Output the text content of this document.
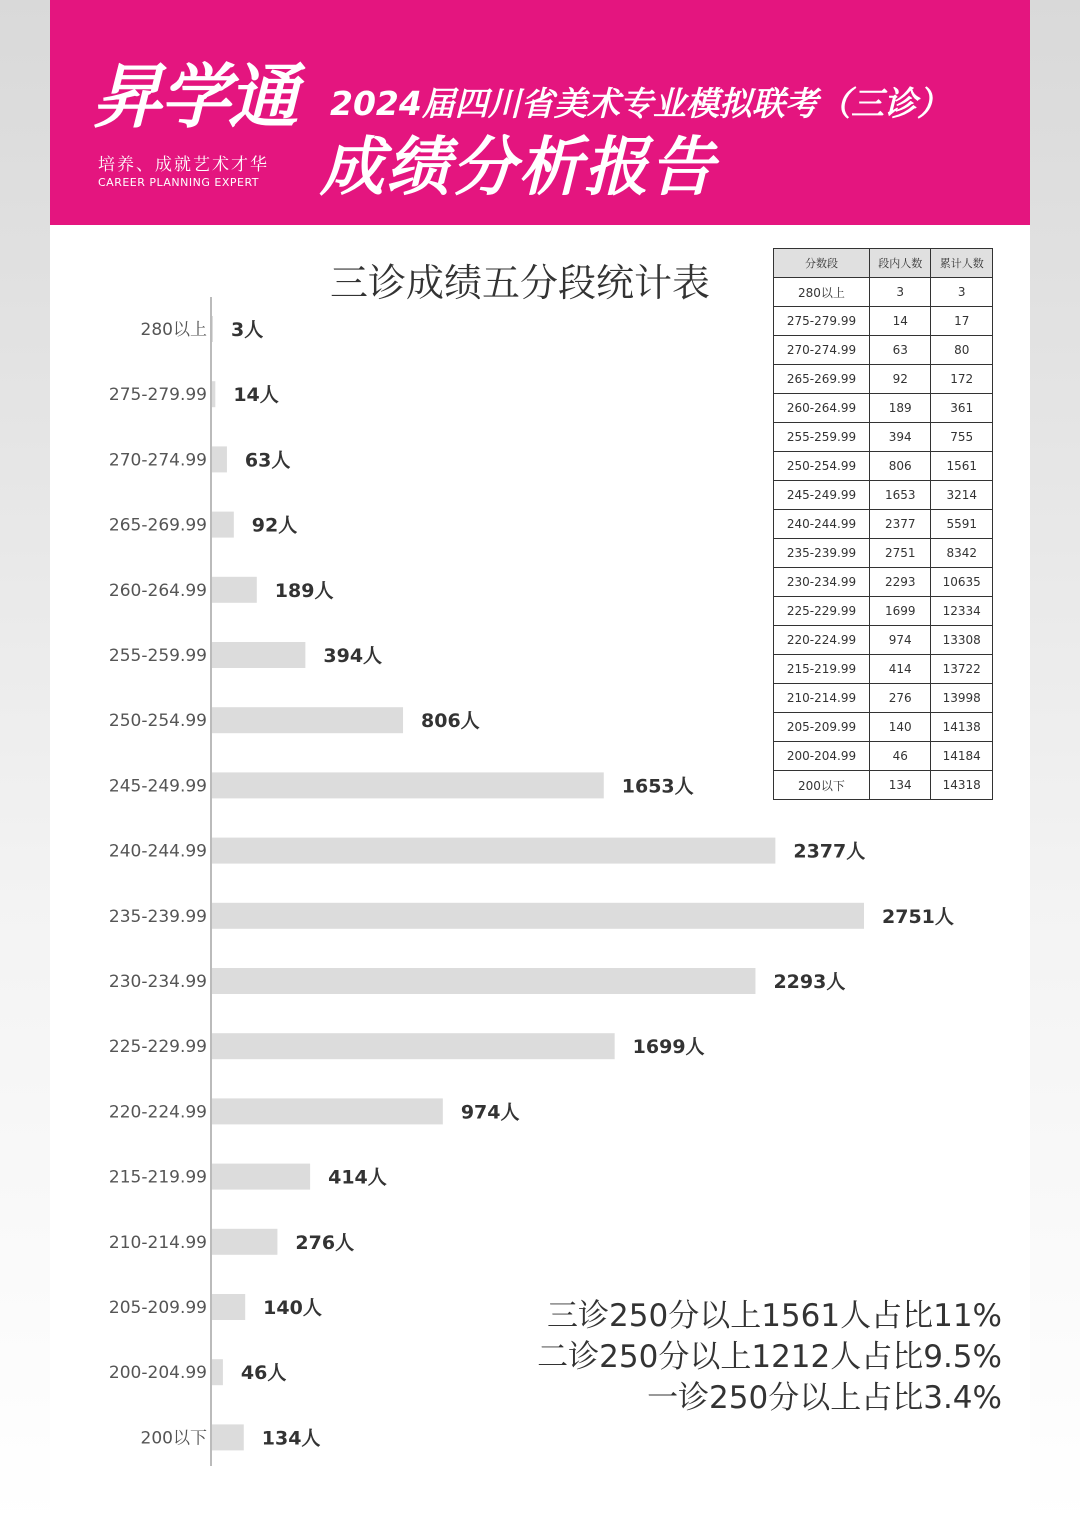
昇学通
培养、成就艺术才华
CAREER PLANNING EXPERT
2024届四川省美术专业模拟联考（三诊）
成绩分析报告
三诊成绩五分段统计表
280以上 3人
275-279.99 14人
270-274.99 63人
265-269.99 92人
260-264.99	189人
255-259.99	394人
250-254.99	806人
245-249.99	1653人
240-244.99	2377人
235-239.99	2751人
230-234.99	2293人
225-229.99	1699人
220-224.99	974人
215-219.99	414人
210-214.99	276人
205-209.99	140人
200-204.99 46人
200以下	134人
分数段	段内人数	累计人数
280以上	3	3
275-279.99	14	17
270-274.99	63	80
265-269.99	92	172
260-264.99	189	361
255-259.99	394	755
250-254.99	806	1561
245-249.99	1653	3214
240-244.99	2377	5591
235-239.99	2751	8342
230-234.99	2293	10635
225-229.99	1699	12334
220-224.99	974	13308
215-219.99	414	13722
210-214.99	276	13998
205-209.99	140	14138
200-204.99	46	14184
200以下	134	14318
三诊250分以上1561人占比11%
二诊250分以上1212人占比9.5%
一诊250分以上占比3.4%
